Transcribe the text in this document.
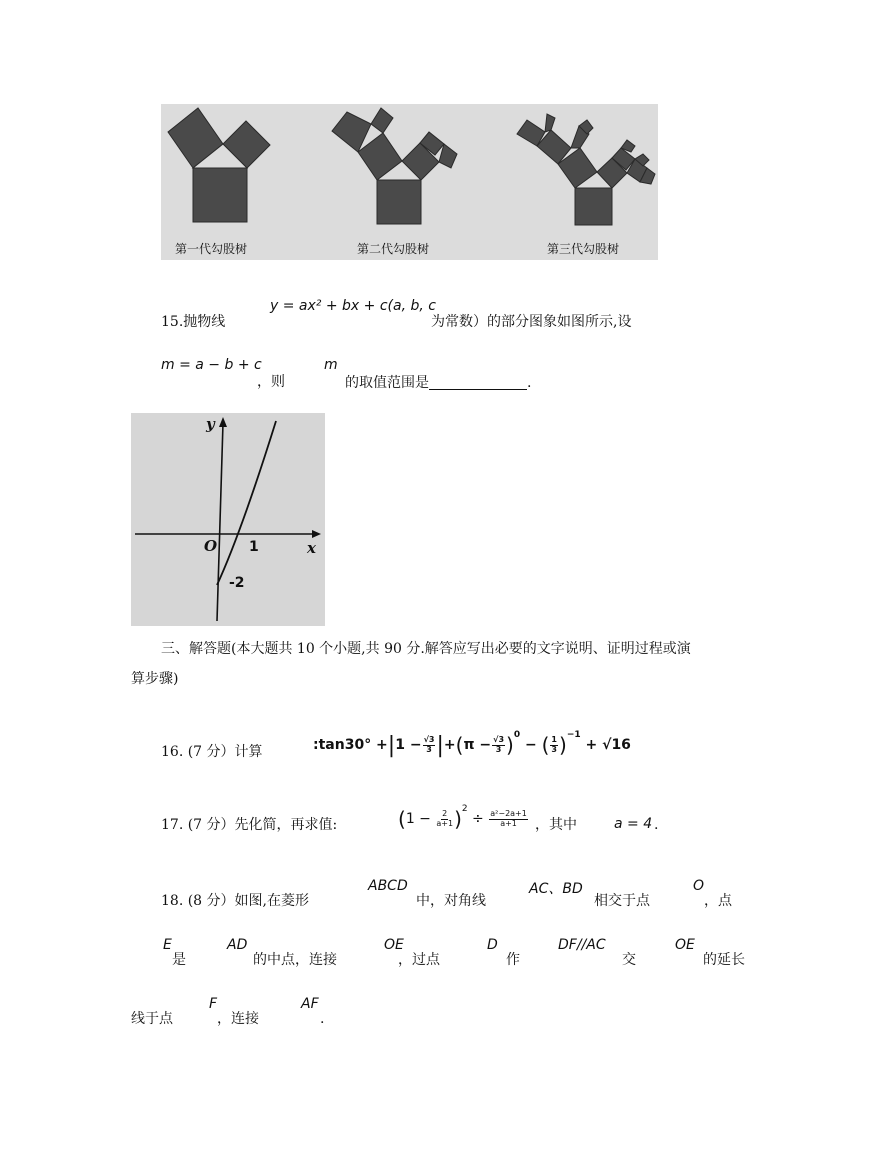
第一代勾股树	第二代勾股树	第三代勾股树
y = ax² + bx + c(a, b, c
15.抛物线	为常数）的部分图象如图所示,设
m = a − b + c	m
，则	的取值范围是	.
y
x
O 1
-2
三、解答题(本大题共 10 个小题,共 90 分.解答应写出必要的文字说明、证明过程或演
算步骤)
16. (7 分）计算	:tan30° + | $1 - \frac{√3}{3}$ | + ( $\pi - \frac{√3}{3} )^0$
− ( $\frac{1}{3} )^{-1}$
+ √16
17. (7 分）先化简，再求值:	( $1 - \frac{2}{a+1} )^2$
÷ $\frac{\text{a²−2a+1}}{a+1}$ ，其中	a = 4 .
ABCD	AC、BD	O
18. (8 分）如图,在菱形	中，对角线	相交于点	，点
E	AD	OE	D	DF//AC	OE
是	的中点，连接	，过点	作	交	的延长
F	AF
线于点	，连接	.
